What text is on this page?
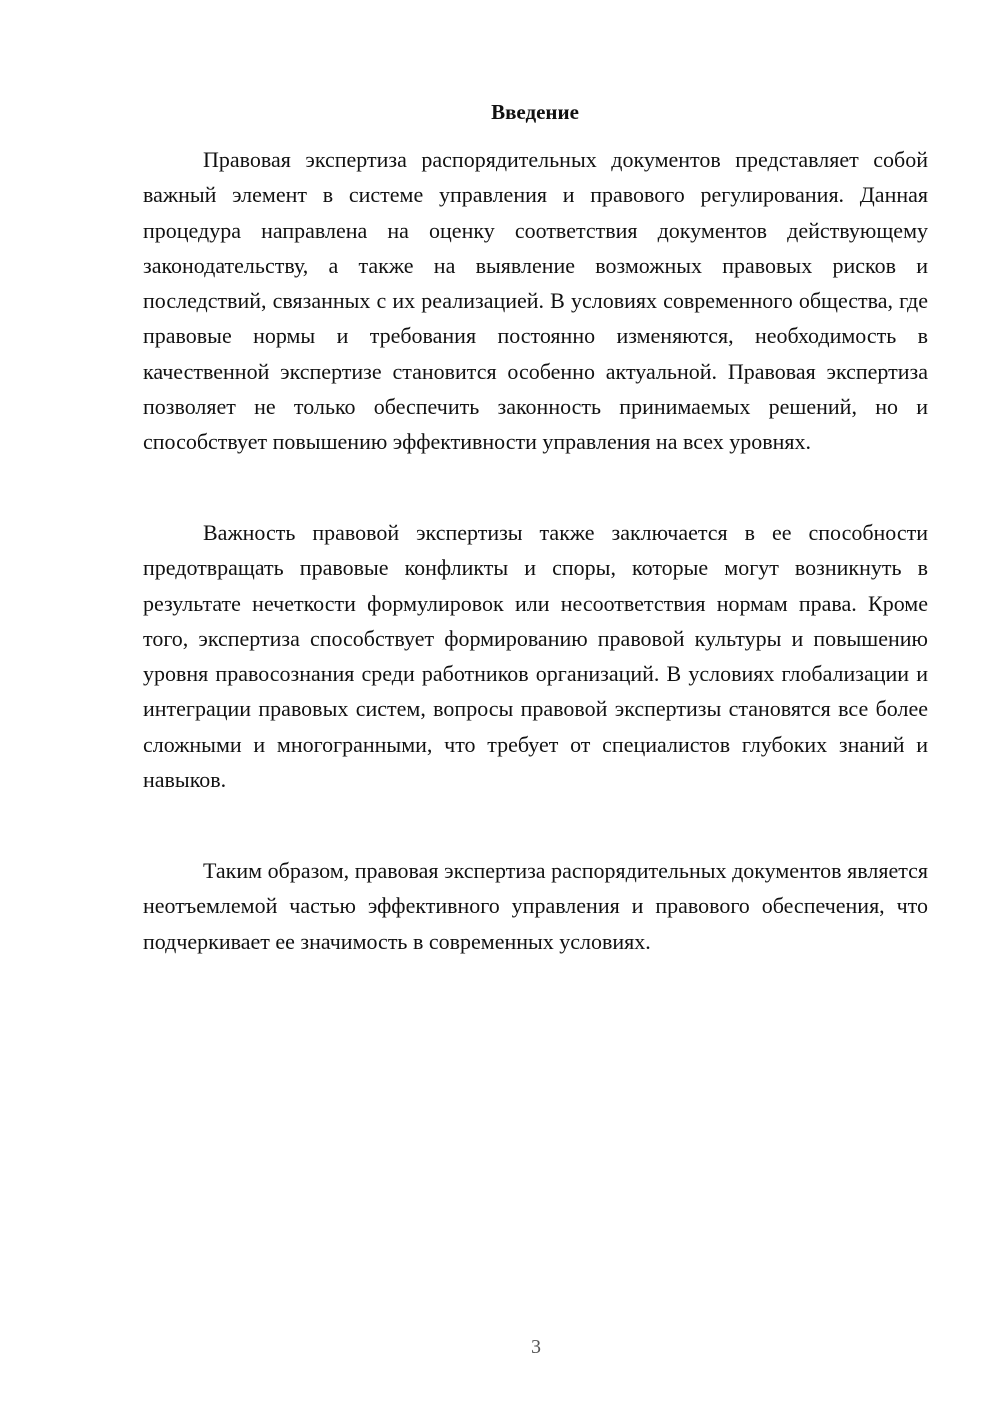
Введение

Правовая экспертиза распорядительных документов представляет собой важный элемент в системе управления и правового регулирования. Данная процедура направлена на оценку соответствия документов действующему законодательству, а также на выявление возможных правовых рисков и последствий, связанных с их реализацией. В условиях современного общества, где правовые нормы и требования постоянно изменяются, необходимость в качественной экспертизе становится особенно актуальной. Правовая экспертиза позволяет не только обеспечить законность принимаемых решений, но и способствует повышению эффективности управления на всех уровнях.

Важность правовой экспертизы также заключается в ее способности предотвращать правовые конфликты и споры, которые могут возникнуть в результате нечеткости формулировок или несоответствия нормам права. Кроме того, экспертиза способствует формированию правовой культуры и повышению уровня правосознания среди работников организаций. В условиях глобализации и интеграции правовых систем, вопросы правовой экспертизы становятся все более сложными и многогранными, что требует от специалистов глубоких знаний и навыков.

Таким образом, правовая экспертиза распорядительных документов является неотъемлемой частью эффективного управления и правового обеспечения, что подчеркивает ее значимость в современных условиях.

3
